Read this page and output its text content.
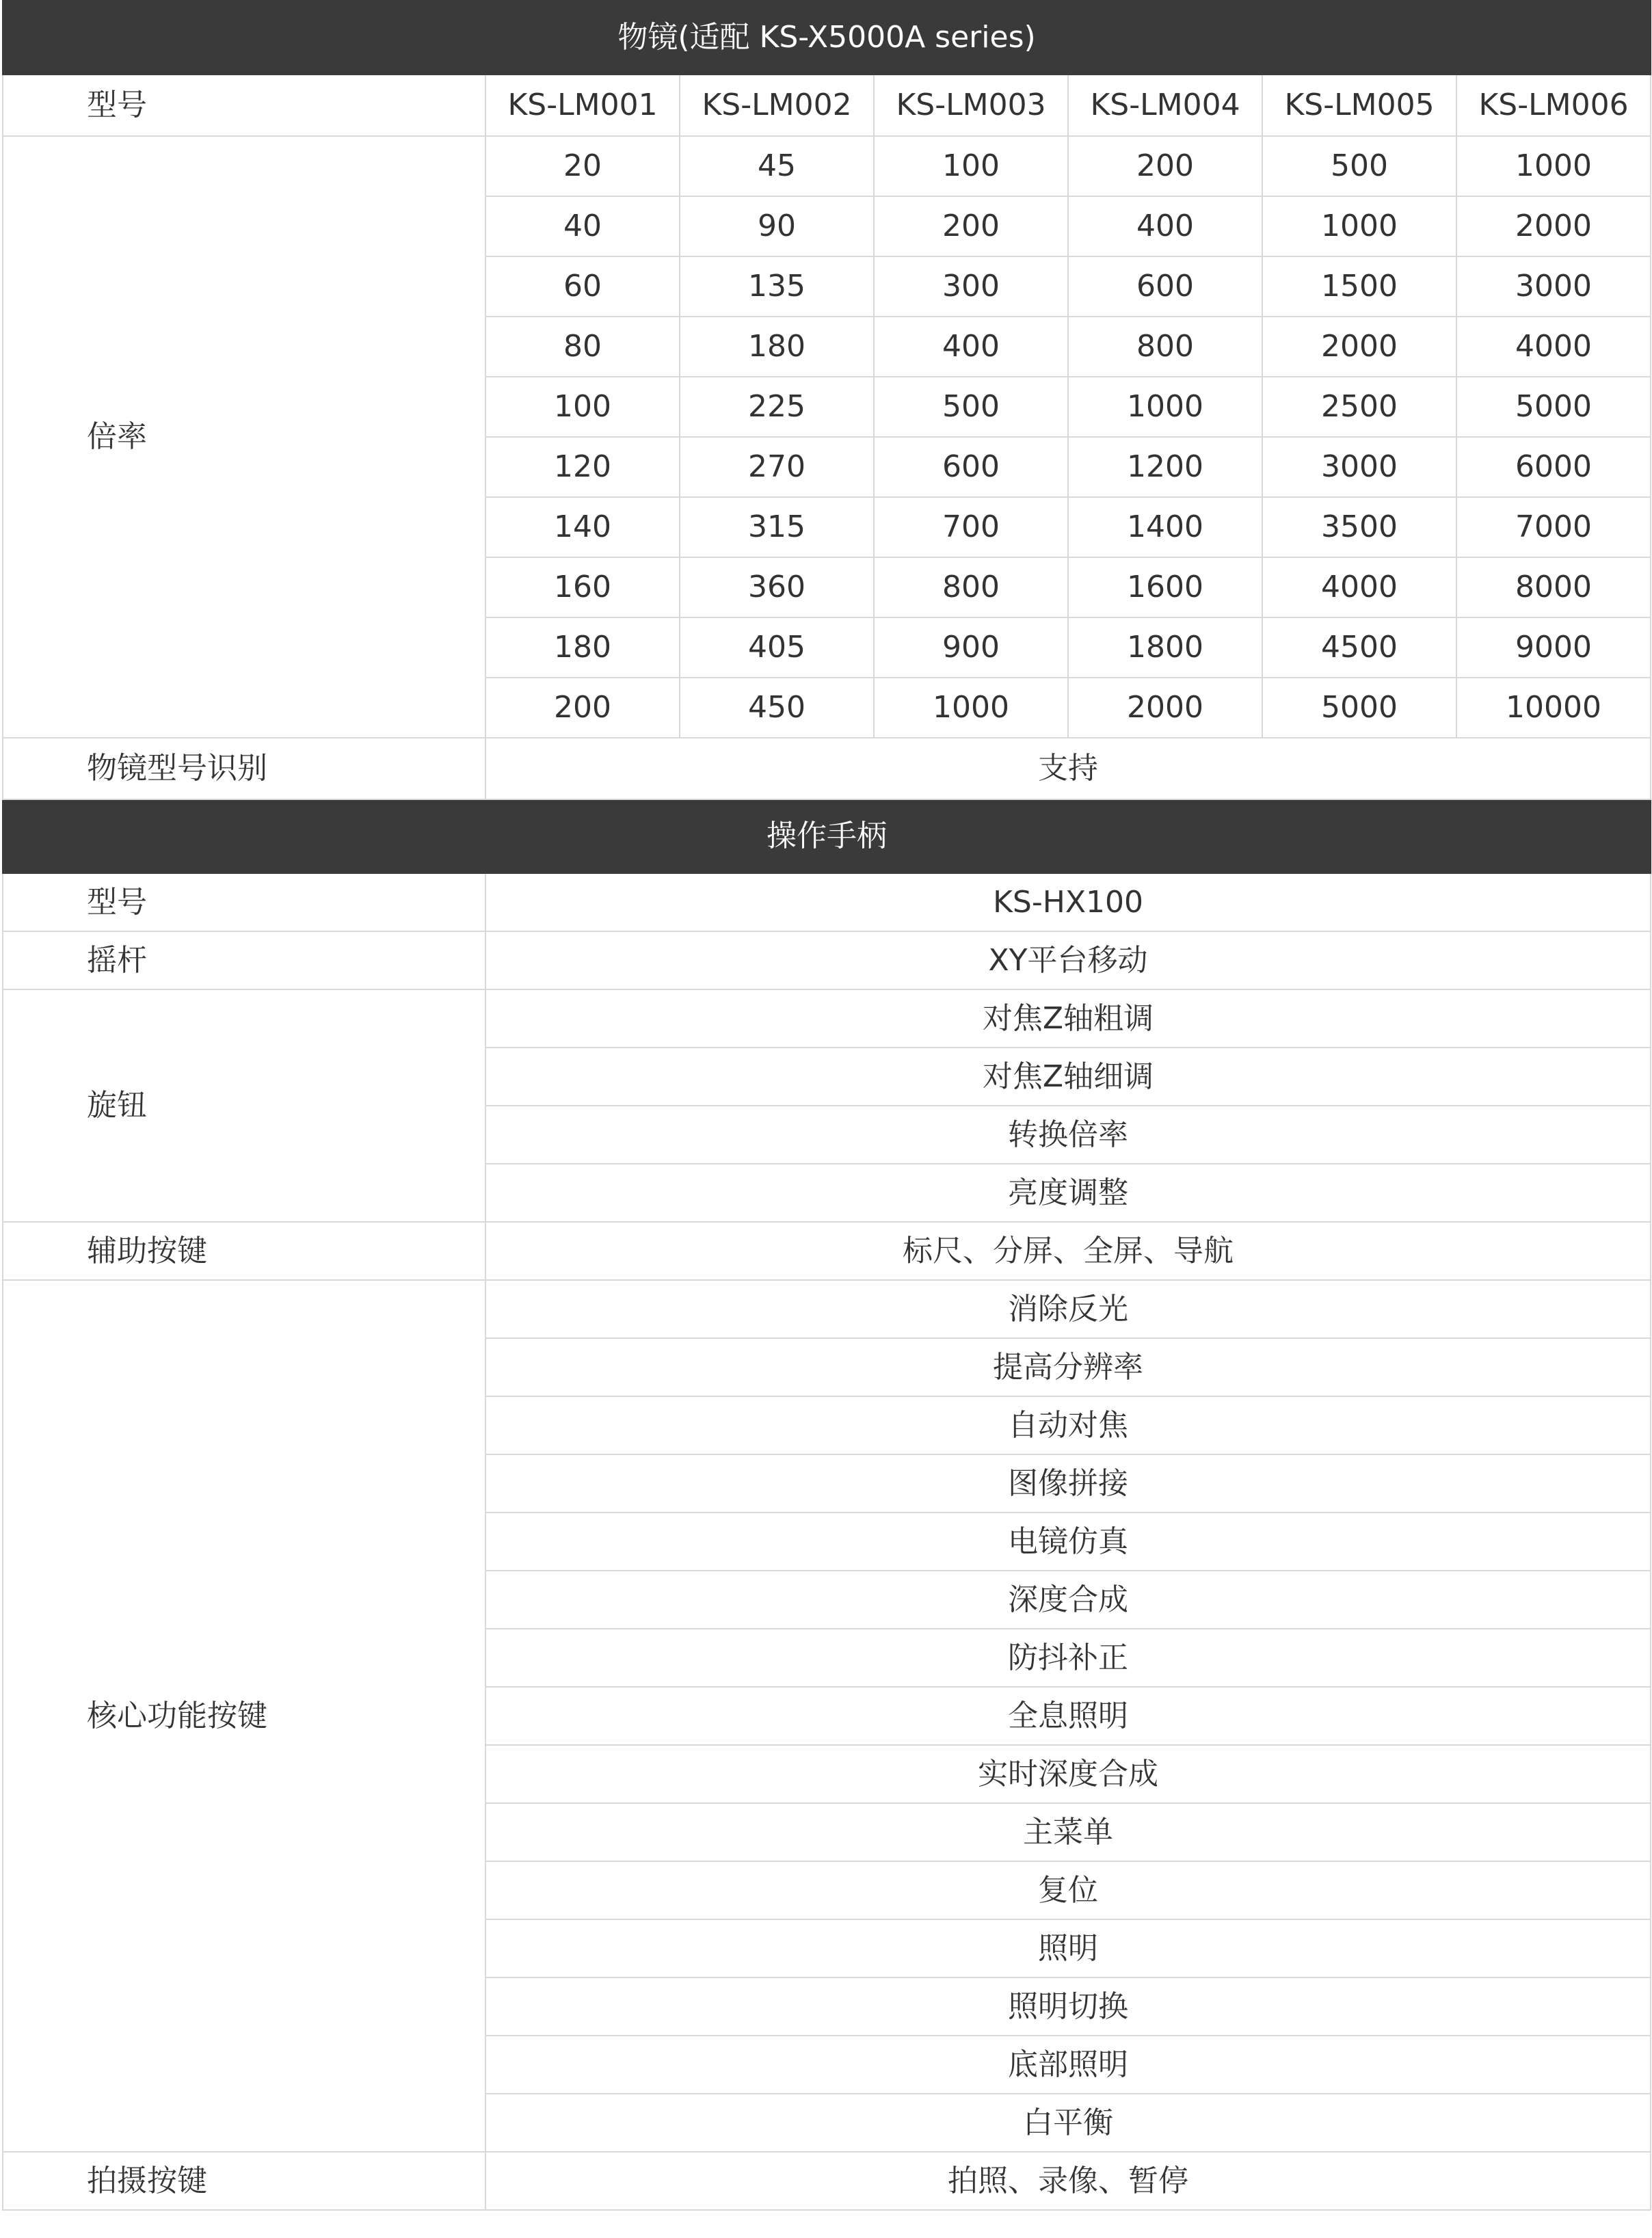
物镜(适配 KS-X5000A series)						
型号	KS-LM001	KS-LM002	KS-LM003	KS-LM004	KS-LM005	KS-LM006
倍率	20	45	100	200	500	1000
	40	90	200	400	1000	2000
	60	135	300	600	1500	3000
	80	180	400	800	2000	4000
	100	225	500	1000	2500	5000
	120	270	600	1200	3000	6000
	140	315	700	1400	3500	7000
	160	360	800	1600	4000	8000
	180	405	900	1800	4500	9000
	200	450	1000	2000	5000	10000
物镜型号识别	支持					
操作手柄						
型号	KS-HX100					
摇杆	XY平台移动					
旋钮	对焦Z轴粗调					
	对焦Z轴细调					
	转换倍率					
	亮度调整					
辅助按键	标尺、分屏、全屏、导航					
核心功能按键	消除反光					
	提高分辨率					
	自动对焦					
	图像拼接					
	电镜仿真					
	深度合成					
	防抖补正					
	全息照明					
	实时深度合成					
	主菜单					
	复位					
	照明					
	照明切换					
	底部照明					
	白平衡					
拍摄按键	拍照、录像、暂停					
